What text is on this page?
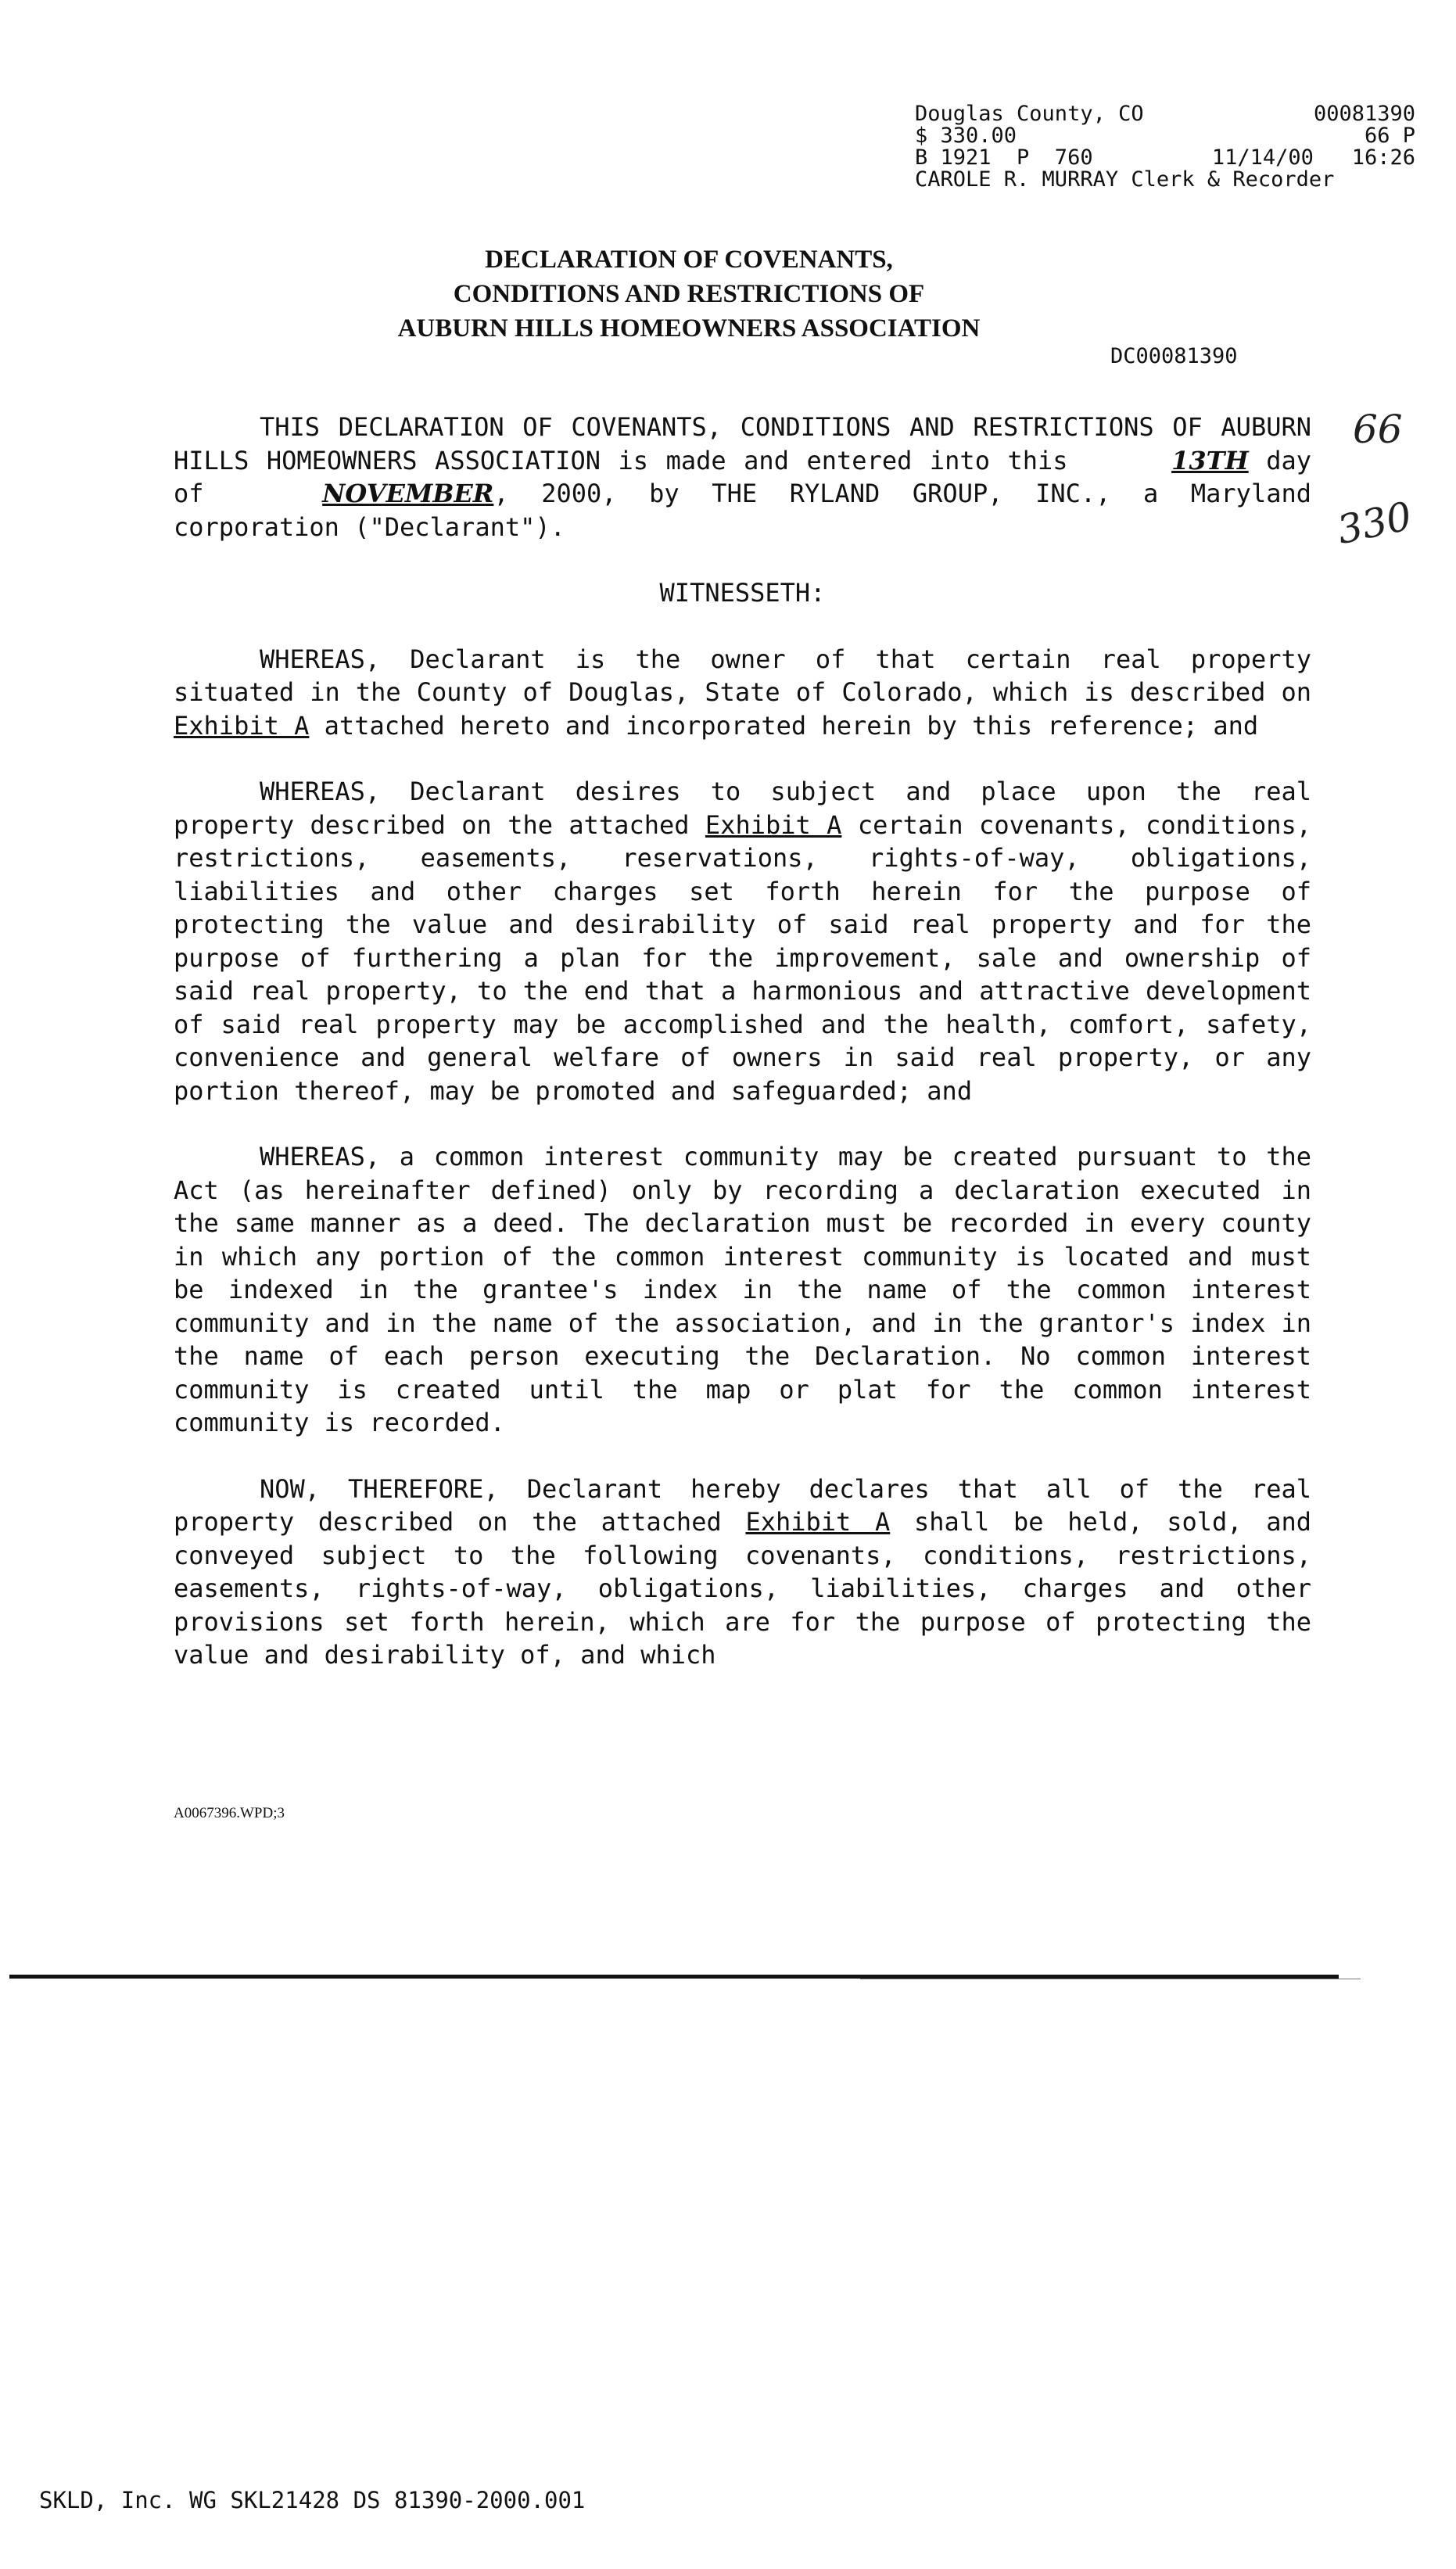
Douglas County, CO	00081390
$ 330.00	66 P
B 1921  P  760	11/14/00 16:26
CAROLE R. MURRAY Clerk & Recorder
DECLARATION OF COVENANTS,
CONDITIONS AND RESTRICTIONS OF
AUBURN HILLS HOMEOWNERS ASSOCIATION
DC00081390
66
330

THIS DECLARATION OF COVENANTS, CONDITIONS AND RESTRICTIONS OF AUBURN HILLS HOMEOWNERS ASSOCIATION is made and entered into this	13TH day of	NOVEMBER, 2000, by THE RYLAND GROUP, INC., a Maryland corporation ("Declarant").

WITNESSETH:

WHEREAS, Declarant is the owner of that certain real property situated in the County of Douglas, State of Colorado, which is described on Exhibit A attached hereto and incorporated herein by this reference; and

WHEREAS, Declarant desires to subject and place upon the real property described on the attached Exhibit A certain covenants, conditions, restrictions, easements, reservations, rights-of-way, obligations, liabilities and other charges set forth herein for the purpose of protecting the value and desirability of said real property and for the purpose of furthering a plan for the improvement, sale and ownership of said real property, to the end that a harmonious and attractive development of said real property may be accomplished and the health, comfort, safety, convenience and general welfare of owners in said real property, or any portion thereof, may be promoted and safeguarded; and

WHEREAS, a common interest community may be created pursuant to the Act (as hereinafter defined) only by recording a declaration executed in the same manner as a deed. The declaration must be recorded in every county in which any portion of the common interest community is located and must be indexed in the grantee's index in the name of the common interest community and in the name of the association, and in the grantor's index in the name of each person executing the Declaration. No common interest community is created until the map or plat for the common interest community is recorded.

NOW, THEREFORE, Declarant hereby declares that all of the real property described on the attached Exhibit A shall be held, sold, and conveyed subject to the following covenants, conditions, restrictions, easements, rights-of-way, obligations, liabilities, charges and other provisions set forth herein, which are for the purpose of protecting the value and desirability of, and which

A0067396.WPD;3
SKLD, Inc. WG SKL21428 DS 81390-2000.001
